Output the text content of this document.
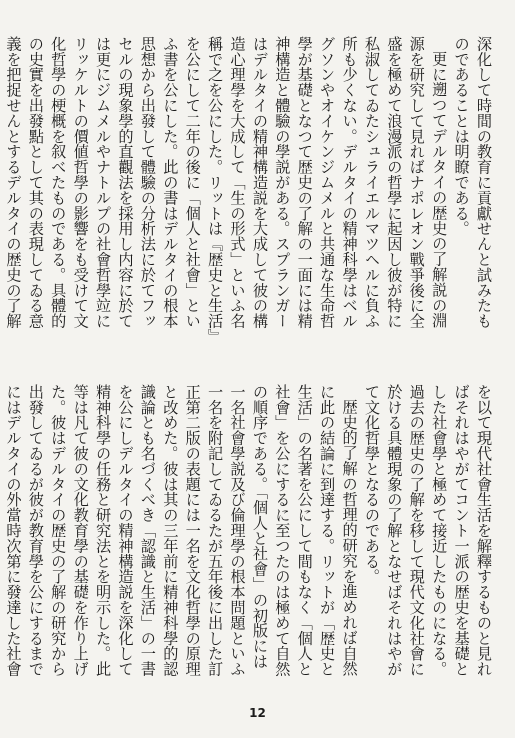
深化して時間の教育に貢獻せんと試みたものであることは明瞭である。

更に遡つてデルタイの歴史の了解説の淵源を研究して見ればナポレオン戰爭後に全盛を極めて浪漫派の哲學に起因し彼が特に私淑してゐたシュライエルマツヘルに負ふ所も少くない。デルタイの精神科學はベルグソンやオイケンジムメルと共通な生命哲學が基礎となつて歴史の了解の一面には精神構造と體驗の學説がある。スプランガーはデルタイの精神構造説を大成して彼の構造心理學を大成して「生の形式」といふ名稱で之を公にした。リットは『歴史と生活』を公にして二年の後に「個人と社會」といふ書を公にした。此の書はデルタイの根本思想から出發して體驗の分析法に於てフッセルの現象學的直觀法を採用し内容に於ては更にジムメルやナトルプの社會哲學竝にリッケルトの價値哲學の影響をも受けて文化哲學の梗概を叙べたものである。具體的の史實を出發點として其の表現してゐる意義を把捉せんとするデルタイの歴史の了解

を以て現代社會生活を解釋するものと見ればそれはやがてコント一派の歴史を基礎とした社會學と極めて接近したものになる。過去の歴史の了解を移して現代文化社會に於ける具體現象の了解となせばそれはやがて文化哲學となるのである。

歴史的了解の哲理的研究を進めれば自然に此の結論に到達する。リットが「歴史と生活」の名著を公にして間もなく「個人と社會」を公にするに至つたのは極めて自然の順序である。「個人と社會」の初版には一名社會學説及び倫理學の根本問題といふ一名を附記してゐるたが五年後に出した訂正第二版の表題には一名を文化哲學の原理と改めた。彼は其の三年前に精神科學的認識論とも名づくべき「認識と生活」の一書を公にしデルタイの精神構造説を深化して精神科學の任務と研究法とを明示した。此等は凡て彼の文化教育學の基礎を作り上げた。彼はデルタイの歴史の了解の研究から出發してゐるが彼が教育學を公にするまでにはデルタイの外當時次第に發達した社會

12
